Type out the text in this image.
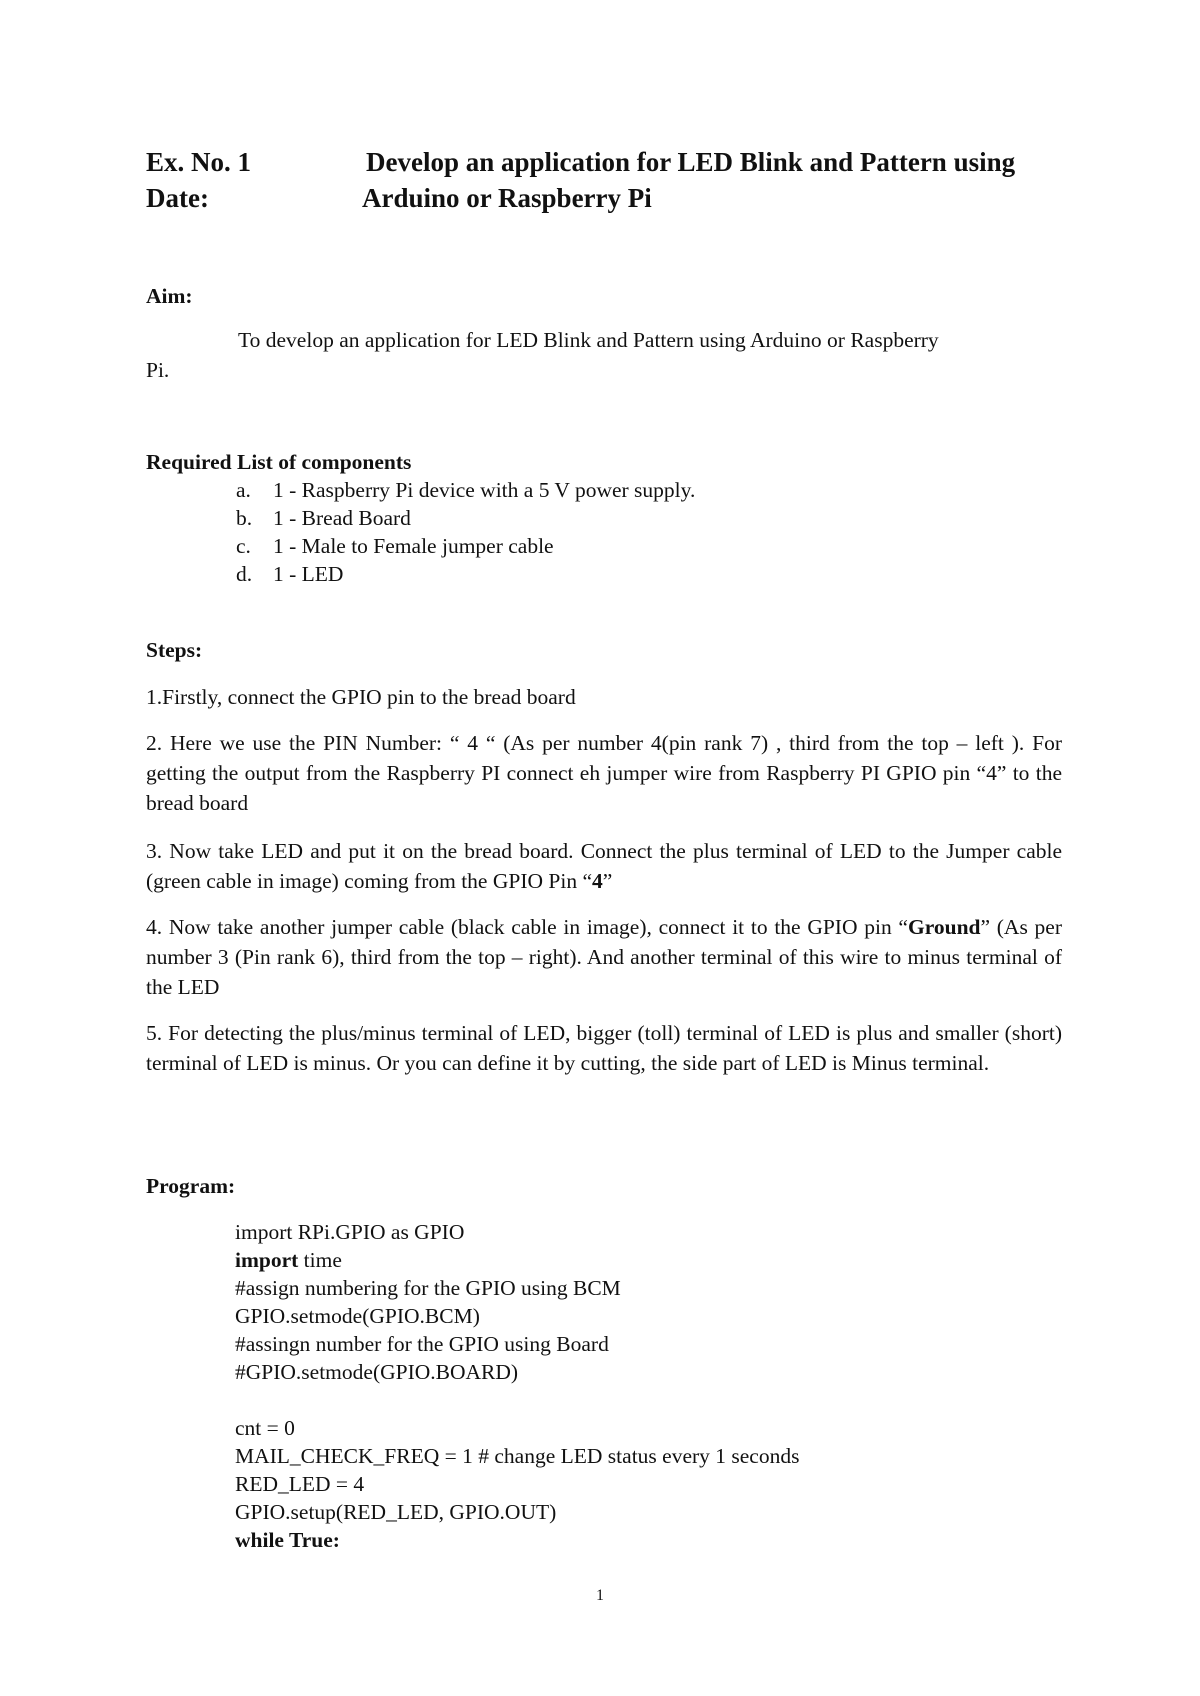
Ex. No. 1
Date:
Develop an application for LED Blink and Pattern using
Arduino or Raspberry Pi
Aim:
To develop an application for LED Blink and Pattern using Arduino or Raspberry
Pi.
Required List of components
a. 1 - Raspberry Pi device with a 5 V power supply.
b. 1 - Bread Board
c. 1 - Male to Female jumper cable
d. 1 - LED
Steps:
1.Firstly, connect the GPIO pin to the bread board
2. Here we use the PIN Number: “ 4 “ (As per number 4(pin rank 7) , third from the top – left ). For getting the output from the Raspberry PI connect eh jumper wire from Raspberry PI GPIO pin “4” to the bread board
3. Now take LED and put it on the bread board. Connect the plus terminal of LED to the Jumper cable (green cable in image) coming from the GPIO Pin “4”
4. Now take another jumper cable (black cable in image), connect it to the GPIO pin “Ground” (As per number 3 (Pin rank 6), third from the top – right). And another terminal of this wire to minus terminal of the LED
5. For detecting the plus/minus terminal of LED, bigger (toll) terminal of LED is plus and smaller (short) terminal of LED is minus. Or you can define it by cutting, the side part of LED is Minus terminal.
Program:
import RPi.GPIO as GPIO
import time
#assign numbering for the GPIO using BCM
GPIO.setmode(GPIO.BCM)
#assingn number for the GPIO using Board
#GPIO.setmode(GPIO.BOARD)
cnt = 0
MAIL_CHECK_FREQ = 1 # change LED status every 1 seconds
RED_LED = 4
GPIO.setup(RED_LED, GPIO.OUT)
while True:
1
